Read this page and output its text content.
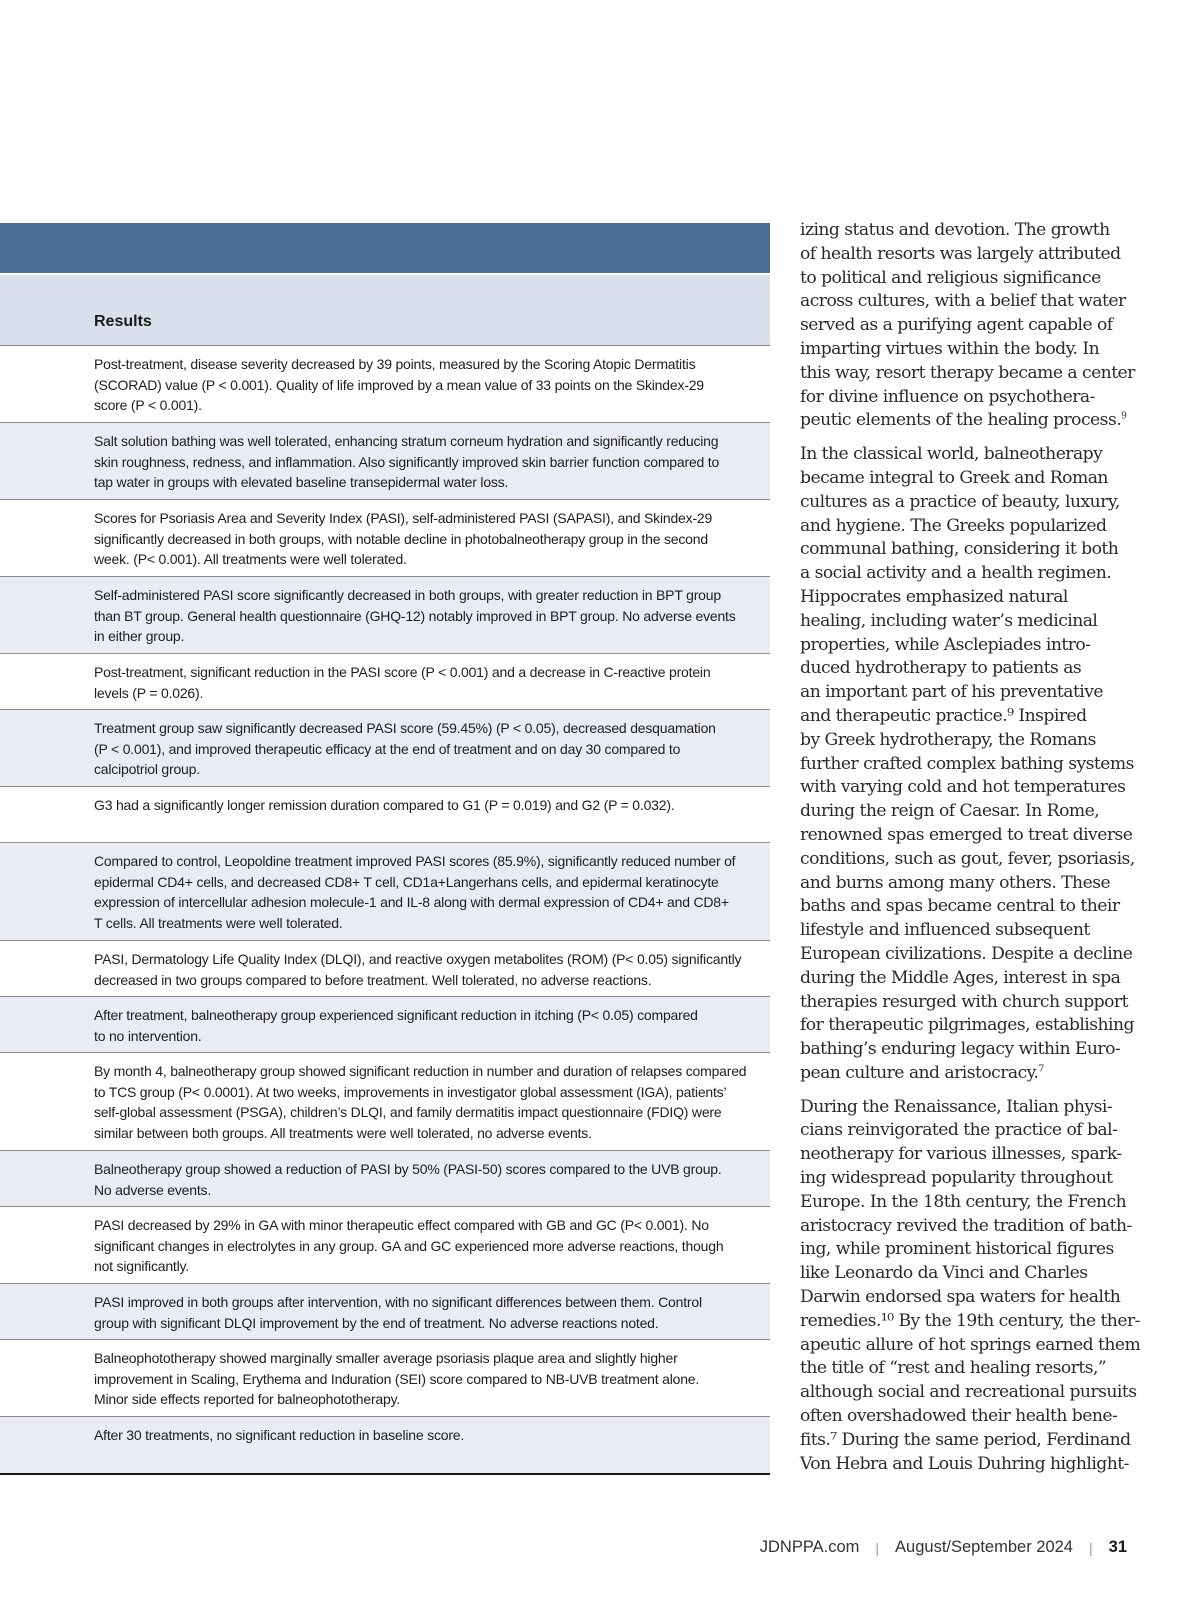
Results
Post-treatment, disease severity decreased by 39 points, measured by the Scoring Atopic Dermatitis
(SCORAD) value (P < 0.001). Quality of life improved by a mean value of 33 points on the Skindex-29
score (P < 0.001).
Salt solution bathing was well tolerated, enhancing stratum corneum hydration and significantly reducing
skin roughness, redness, and inflammation. Also significantly improved skin barrier function compared to
tap water in groups with elevated baseline transepidermal water loss.
Scores for Psoriasis Area and Severity Index (PASI), self-administered PASI (SAPASI), and Skindex-29
significantly decreased in both groups, with notable decline in photobalneotherapy group in the second
week. (P< 0.001). All treatments were well tolerated.
Self-administered PASI score significantly decreased in both groups, with greater reduction in BPT group
than BT group. General health questionnaire (GHQ-12) notably improved in BPT group. No adverse events
in either group.
Post-treatment, significant reduction in the PASI score (P < 0.001) and a decrease in C-reactive protein
levels (P = 0.026).
Treatment group saw significantly decreased PASI score (59.45%) (P < 0.05), decreased desquamation
(P < 0.001), and improved therapeutic efficacy at the end of treatment and on day 30 compared to
calcipotriol group.
G3 had a significantly longer remission duration compared to G1 (P = 0.019) and G2 (P = 0.032).
Compared to control, Leopoldine treatment improved PASI scores (85.9%), significantly reduced number of
epidermal CD4+ cells, and decreased CD8+ T cell, CD1a+Langerhans cells, and epidermal keratinocyte
expression of intercellular adhesion molecule-1 and IL-8 along with dermal expression of CD4+ and CD8+
T cells. All treatments were well tolerated.
PASI, Dermatology Life Quality Index (DLQI), and reactive oxygen metabolites (ROM) (P< 0.05) significantly
decreased in two groups compared to before treatment. Well tolerated, no adverse reactions.
After treatment, balneotherapy group experienced significant reduction in itching (P< 0.05) compared
to no intervention.
By month 4, balneotherapy group showed significant reduction in number and duration of relapses compared
to TCS group (P< 0.0001). At two weeks, improvements in investigator global assessment (IGA), patients’
self-global assessment (PSGA), children’s DLQI, and family dermatitis impact questionnaire (FDIQ) were
similar between both groups. All treatments were well tolerated, no adverse events.
Balneotherapy group showed a reduction of PASI by 50% (PASI-50) scores compared to the UVB group.
No adverse events.
PASI decreased by 29% in GA with minor therapeutic effect compared with GB and GC (P< 0.001). No
significant changes in electrolytes in any group. GA and GC experienced more adverse reactions, though
not significantly.
PASI improved in both groups after intervention, with no significant differences between them. Control
group with significant DLQI improvement by the end of treatment. No adverse reactions noted.
Balneophototherapy showed marginally smaller average psoriasis plaque area and slightly higher
improvement in Scaling, Erythema and Induration (SEI) score compared to NB-UVB treatment alone.
Minor side effects reported for balneophototherapy.
After 30 treatments, no significant reduction in baseline score.
izing status and devotion. The growth
of health resorts was largely attributed
to political and religious significance
across cultures, with a belief that water
served as a purifying agent capable of
imparting virtues within the body. In
this way, resort therapy became a center
for divine influence on psychothera-
peutic elements of the healing process.$^9$
In the classical world, balneotherapy
became integral to Greek and Roman
cultures as a practice of beauty, luxury,
and hygiene. The Greeks popularized
communal bathing, considering it both
a social activity and a health regimen.
Hippocrates emphasized natural
healing, including water’s medicinal
properties, while Asclepiades intro-
duced hydrotherapy to patients as
an important part of his preventative
and therapeutic practice.⁹ Inspired
by Greek hydrotherapy, the Romans
further crafted complex bathing systems
with varying cold and hot temperatures
during the reign of Caesar. In Rome,
renowned spas emerged to treat diverse
conditions, such as gout, fever, psoriasis,
and burns among many others. These
baths and spas became central to their
lifestyle and influenced subsequent
European civilizations. Despite a decline
during the Middle Ages, interest in spa
therapies resurged with church support
for therapeutic pilgrimages, establishing
bathing’s enduring legacy within Euro-
pean culture and aristocracy.$^7$
During the Renaissance, Italian physi-
cians reinvigorated the practice of bal-
neotherapy for various illnesses, spark-
ing widespread popularity throughout
Europe. In the 18th century, the French
aristocracy revived the tradition of bath-
ing, while prominent historical figures
like Leonardo da Vinci and Charles
Darwin endorsed spa waters for health
remedies.¹⁰ By the 19th century, the ther-
apeutic allure of hot springs earned them
the title of “rest and healing resorts,”
although social and recreational pursuits
often overshadowed their health bene-
fits.⁷ During the same period, Ferdinand
Von Hebra and Louis Duhring highlight-
JDNPPA.com | August/September 2024 | 31
